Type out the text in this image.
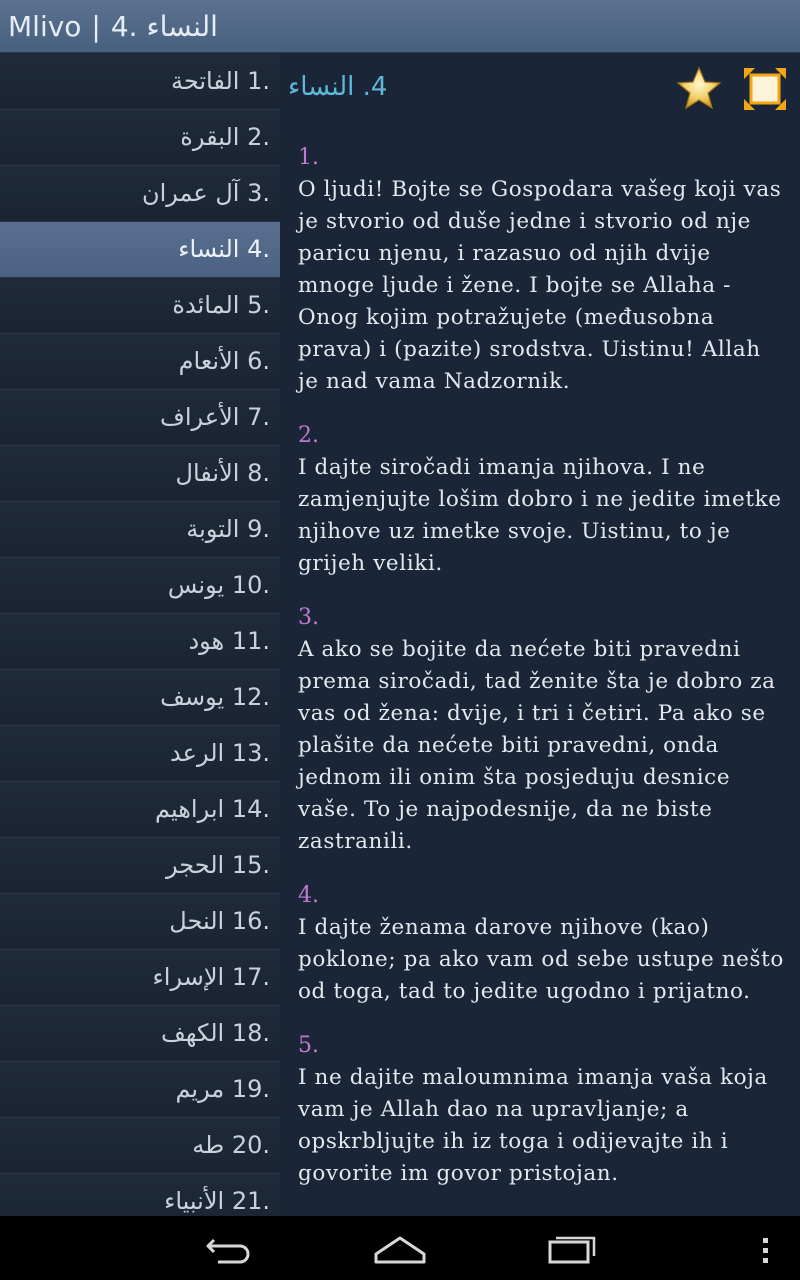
Mlivo | 4. النساء
الفاتحة 1.
البقرة 2.
آل عمران 3.
النساء 4.
المائدة 5.
الأنعام 6.
الأعراف 7.
الأنفال 8.
التوبة 9.
يونس 10.
هود 11.
يوسف 12.
الرعد 13.
ابراهيم 14.
الحجر 15.
النحل 16.
الإسراء 17.
الكهف 18.
مريم 19.
طه 20.
الأنبياء 21.
4. النساء
1.
O ljudi! Bojte se Gospodara vašeg koji vas je stvorio od duše jedne i stvorio od nje paricu njenu, i razasuo od njih dvije mnoge ljude i žene. I bojte se Allaha - Onog kojim potražujete (međusobna prava) i (pazite) srodstva. Uistinu! Allah je nad vama Nadzornik.
2.
I dajte siročadi imanja njihova. I ne zamjenjujte lošim dobro i ne jedite imetke njihove uz imetke svoje. Uistinu, to je grijeh veliki.
3.
A ako se bojite da nećete biti pravedni prema siročadi, tad ženite šta je dobro za vas od žena: dvije, i tri i četiri. Pa ako se plašite da nećete biti pravedni, onda jednom ili onim šta posjeduju desnice vaše. To je najpodesnije, da ne biste zastranili.
4.
I dajte ženama darove njihove (kao) poklone; pa ako vam od sebe ustupe nešto od toga, tad to jedite ugodno i prijatno.
5.
I ne dajite maloumnima imanja vaša koja vam je Allah dao na upravljanje; a opskrbljujte ih iz toga i odijevajte ih i govorite im govor pristojan.
